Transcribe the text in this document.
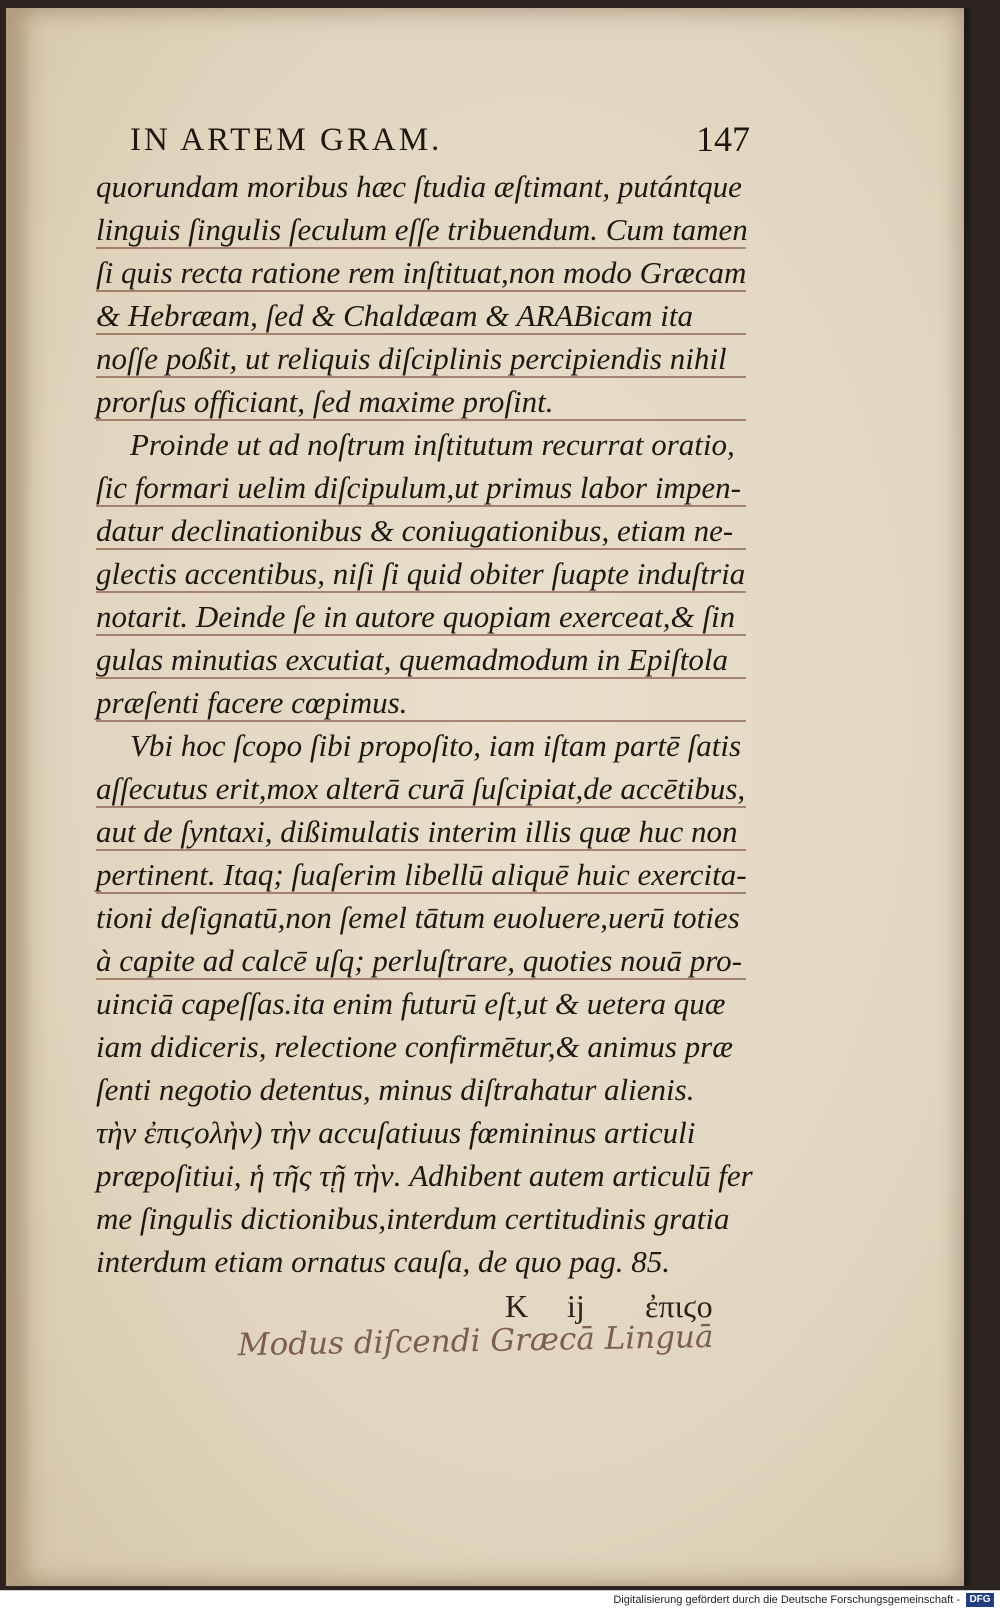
IN ARTEM GRAM.	147
quorundam moribus hæc ſtudia æſtimant, putántque
linguis ſingulis ſeculum eſſe tribuendum. Cum tamen
ſi quis recta ratione rem inſtituat,non modo Græcam
& Hebræam, ſed & Chaldæam & ARABicam ita
noſſe poßit, ut reliquis diſciplinis percipiendis nihil
prorſus officiant, ſed maxime proſint.
Proinde ut ad noſtrum inſtitutum recurrat oratio,
ſic formari uelim diſcipulum,ut primus labor impen-
datur declinationibus & coniugationibus, etiam ne-
glectis accentibus, niſi ſi quid obiter ſuapte induſtria
notarit. Deinde ſe in autore quopiam exerceat,& ſin
gulas minutias excutiat, quemadmodum in Epiſtola
præſenti facere cœpimus.
Vbi hoc ſcopo ſibi propoſito, iam iſtam partē ſatis
aſſecutus erit,mox alterā curā ſuſcipiat,de accētibus,
aut de ſyntaxi, dißimulatis interim illis quæ huc non
pertinent. Itaq; ſuaſerim libellū aliquē huic exercita-
tioni deſignatū,non ſemel tātum euoluere,uerū toties
à capite ad calcē uſq; perluſtrare, quoties nouā pro-
uinciā capeſſas.ita enim futurū eſt,ut & uetera quæ
iam didiceris, relectione confirmētur,& animus præ
ſenti negotio detentus, minus diſtrahatur alienis.
τὴν ἐπιϛολὴν) τὴν accuſatiuus fœmininus articuli
præpoſitiui, ἡ τῆς τῇ τὴν. Adhibent autem articulū fer
me ſingulis dictionibus,interdum certitudinis gratia
interdum etiam ornatus cauſa, de quo pag. 85.
K ij ἐπιϛο
Modus diſcendi Græcā Linguā
Digitalisierung gefördert durch die Deutsche Forschungsgemeinschaft - DFG
